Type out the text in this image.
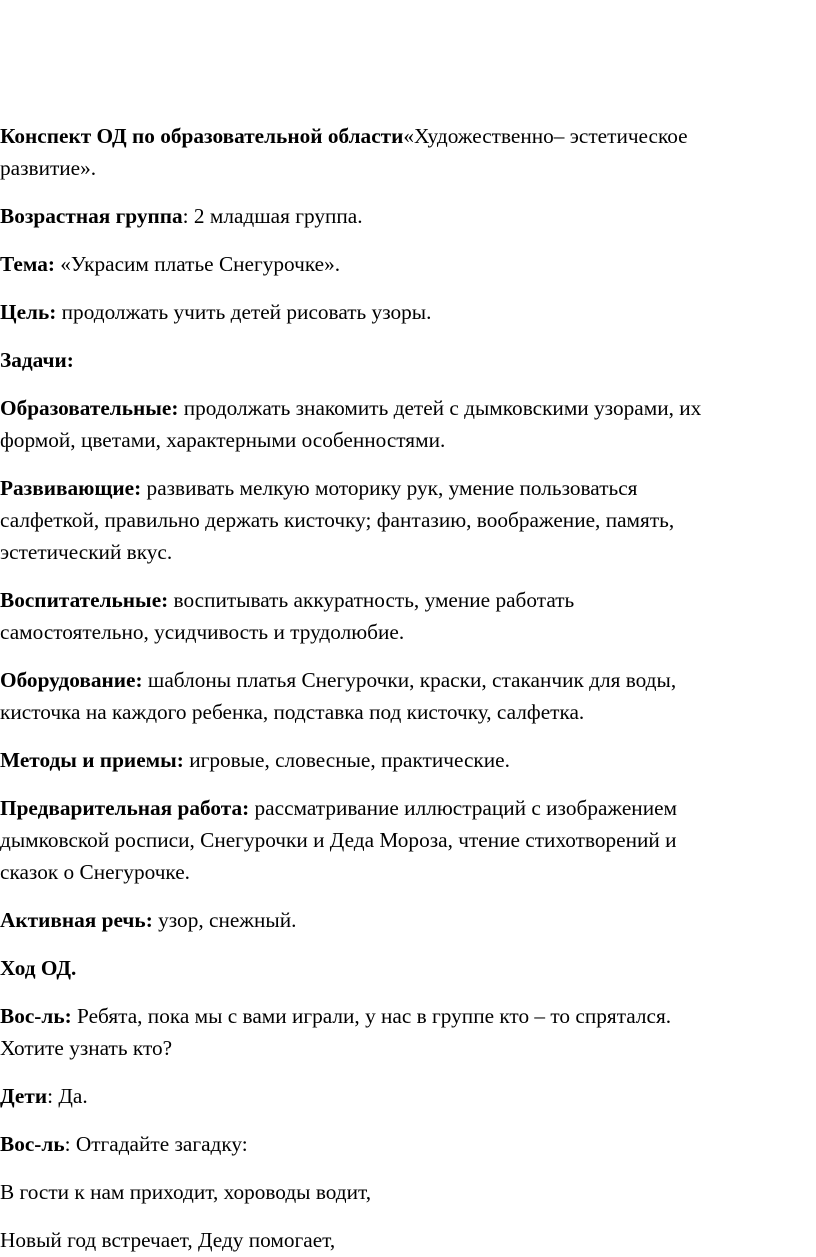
Конспект ОД по образовательной области«Художественно– эстетическое
развитие».

Возрастная группа: 2 младшая группа.

Тема: «Украсим платье Снегурочке».

Цель: продолжать учить детей рисовать узоры.

Задачи:

Образовательные: продолжать знакомить детей с дымковскими узорами, их
формой, цветами, характерными особенностями.

Развивающие: развивать мелкую моторику рук, умение пользоваться
салфеткой, правильно держать кисточку; фантазию, воображение, память,
эстетический вкус.

Воспитательные: воспитывать аккуратность, умение работать
самостоятельно, усидчивость и трудолюбие.

Оборудование: шаблоны платья Снегурочки, краски, стаканчик для воды,
кисточка на каждого ребенка, подставка под кисточку, салфетка.

Методы и приемы: игровые, словесные, практические.

Предварительная работа: рассматривание иллюстраций с изображением
дымковской росписи, Снегурочки и Деда Мороза, чтение стихотворений и
сказок о Снегурочке.

Активная речь: узор, снежный.

Ход ОД.

Вос-ль: Ребята, пока мы с вами играли, у нас в группе кто – то спрятался.
Хотите узнать кто?

Дети: Да.

Вос-ль: Отгадайте загадку:

В гости к нам приходит, хороводы водит,

Новый год встречает, Деду помогает,
